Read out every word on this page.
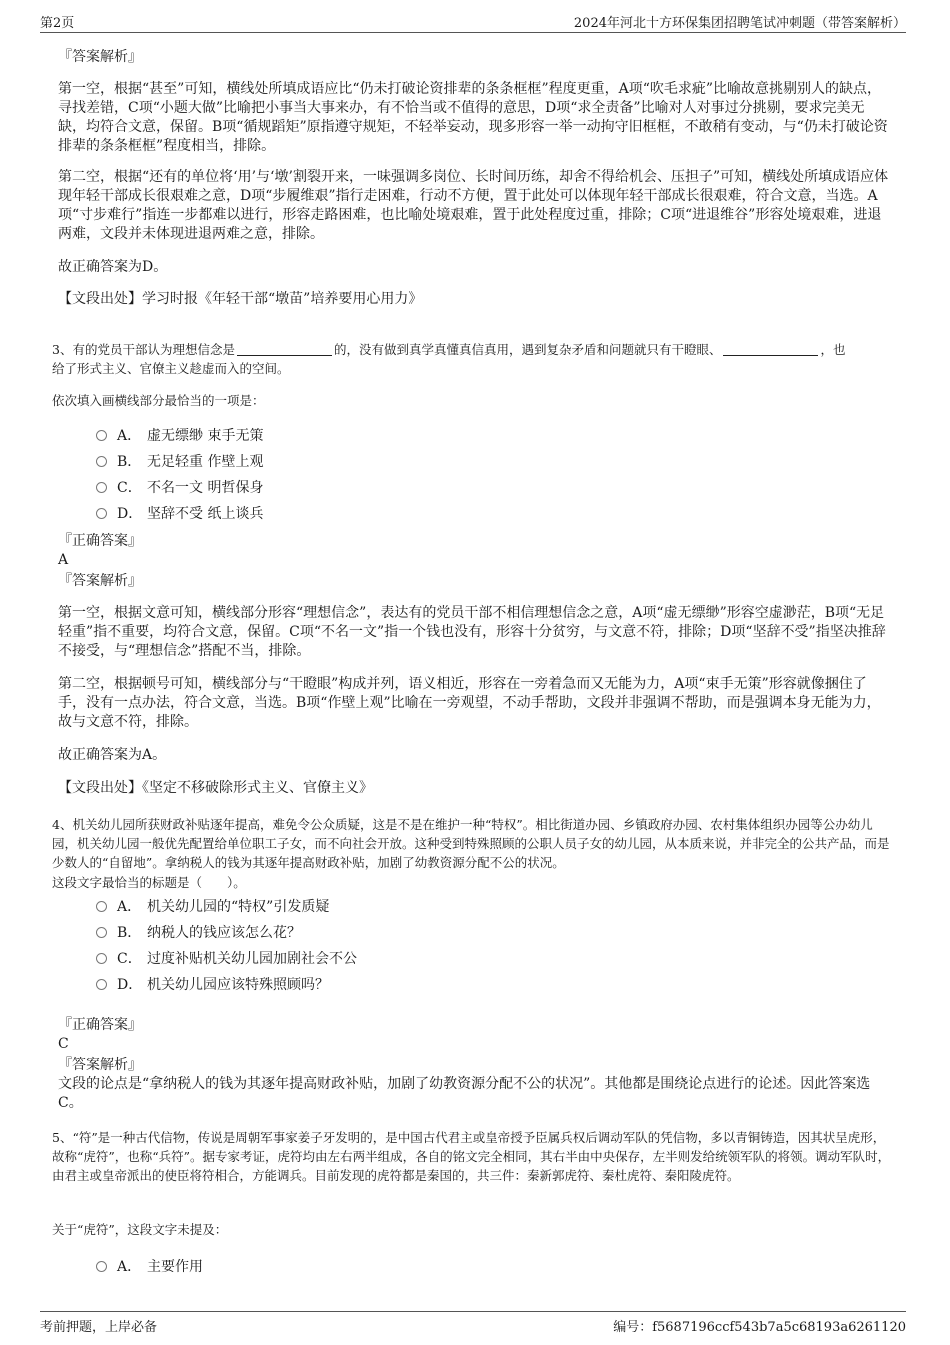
第2页	2024年河北十方环保集团招聘笔试冲刺题（带答案解析）
『答案解析』
第一空，根据“甚至”可知，横线处所填成语应比“仍未打破论资排辈的条条框框”程度更重，A项“吹毛求疵”比喻故意挑剔别人的缺点，寻找差错，C项“小题大做”比喻把小事当大事来办，有不恰当或不值得的意思，D项“求全责备”比喻对人对事过分挑剔，要求完美无缺，均符合文意，保留。B项“循规蹈矩”原指遵守规矩，不轻举妄动，现多形容一举一动拘守旧框框，不敢稍有变动，与“仍未打破论资排辈的条条框框”程度相当，排除。
第二空，根据“还有的单位将‘用’与‘墩’割裂开来，一味强调多岗位、长时间历练，却舍不得给机会、压担子”可知，横线处所填成语应体现年轻干部成长很艰难之意，D项“步履维艰”指行走困难，行动不方便，置于此处可以体现年轻干部成长很艰难，符合文意，当选。A项“寸步难行”指连一步都难以进行，形容走路困难，也比喻处境艰难，置于此处程度过重，排除；C项“进退维谷”形容处境艰难，进退两难，文段并未体现进退两难之意，排除。
故正确答案为D。
【文段出处】学习时报《年轻干部“墩苗”培养要用心用力》
3、有的党员干部认为理想信念是	的，没有做到真学真懂真信真用，遇到复杂矛盾和问题就只有干瞪眼、	，也
给了形式主义、官僚主义趁虚而入的空间。
依次填入画横线部分最恰当的一项是：
A． 虚无缥缈 束手无策
B． 无足轻重 作壁上观
C． 不名一文 明哲保身
D． 坚辞不受 纸上谈兵
『正确答案』
A
『答案解析』
第一空，根据文意可知，横线部分形容“理想信念”，表达有的党员干部不相信理想信念之意，A项“虚无缥缈”形容空虚渺茫，B项“无足轻重”指不重要，均符合文意，保留。C项“不名一文”指一个钱也没有，形容十分贫穷，与文意不符，排除；D项“坚辞不受”指坚决推辞不接受，与“理想信念”搭配不当，排除。
第二空，根据顿号可知，横线部分与“干瞪眼”构成并列，语义相近，形容在一旁着急而又无能为力，A项“束手无策”形容就像捆住了手，没有一点办法，符合文意，当选。B项“作壁上观”比喻在一旁观望，不动手帮助，文段并非强调不帮助，而是强调本身无能为力，故与文意不符，排除。
故正确答案为A。
【文段出处】《坚定不移破除形式主义、官僚主义》
4、机关幼儿园所获财政补贴逐年提高，难免令公众质疑，这是不是在维护一种“特权”。相比街道办园、乡镇政府办园、农村集体组织办园等公办幼儿园，机关幼儿园一般优先配置给单位职工子女，而不向社会开放。这种受到特殊照顾的公职人员子女的幼儿园，从本质来说，并非完全的公共产品，而是少数人的“自留地”。拿纳税人的钱为其逐年提高财政补贴，加剧了幼教资源分配不公的状况。
这段文字最恰当的标题是（　　）。
A． 机关幼儿园的“特权”引发质疑
B． 纳税人的钱应该怎么花？
C． 过度补贴机关幼儿园加剧社会不公
D． 机关幼儿园应该特殊照顾吗？
『正确答案』
C
『答案解析』
文段的论点是“拿纳税人的钱为其逐年提高财政补贴，加剧了幼教资源分配不公的状况”。其他都是围绕论点进行的论述。因此答案选C。
5、“符”是一种古代信物，传说是周朝军事家姜子牙发明的，是中国古代君主或皇帝授予臣属兵权后调动军队的凭信物，多以青铜铸造，因其状呈虎形，故称“虎符”，也称“兵符”。据专家考证，虎符均由左右两半组成，各自的铭文完全相同，其右半由中央保存，左半则发给统领军队的将领。调动军队时，由君主或皇帝派出的使臣将符相合，方能调兵。目前发现的虎符都是秦国的，共三件：秦新郭虎符、秦杜虎符、秦阳陵虎符。
关于“虎符”，这段文字未提及：
A． 主要作用
考前押题，上岸必备	编号：f5687196ccf543b7a5c68193a6261120
